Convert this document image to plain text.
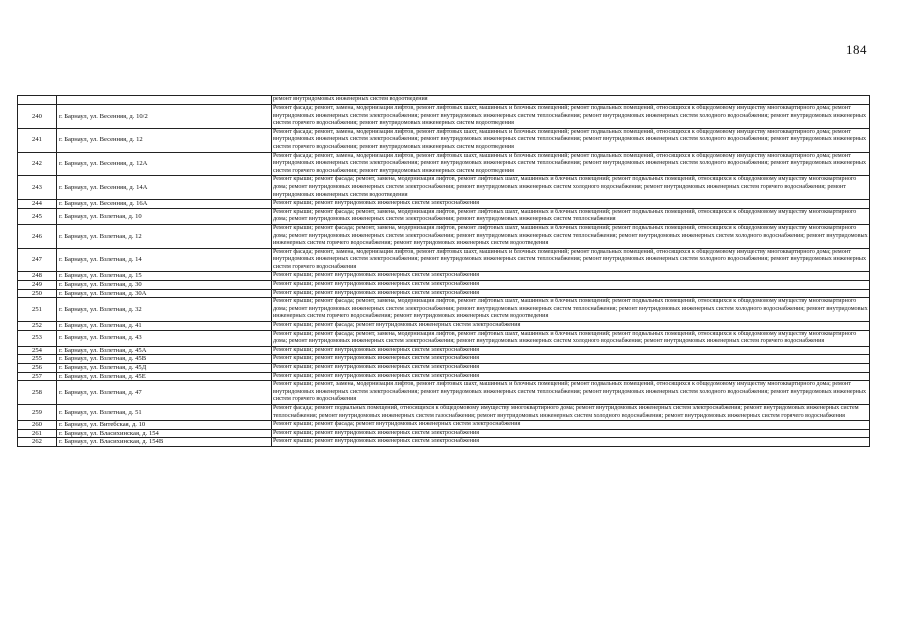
184
		ремонт внутридомовых инженерных систем водоотведения
240	г. Барнаул, ул. Весенняя, д. 10/2	Ремонт фасада; ремонт, замена, модернизация лифтов, ремонт лифтовых шахт, машинных и блочных помещений; ремонт подвальных помещений, относящихся к общедомовому имуществу многоквартирного дома; ремонт внутридомовых инженерных систем электроснабжения; ремонт внутридомовых инженерных систем теплоснабжения; ремонт внутридомовых инженерных систем холодного водоснабжения; ремонт внутридомовых инженерных систем горячего водоснабжения; ремонт внутридомовых инженерных систем водоотведения
241	г. Барнаул, ул. Весенняя, д. 12	Ремонт фасада; ремонт, замена, модернизация лифтов, ремонт лифтовых шахт, машинных и блочных помещений; ремонт подвальных помещений, относящихся к общедомовому имуществу многоквартирного дома; ремонт внутридомовых инженерных систем электроснабжения; ремонт внутридомовых инженерных систем теплоснабжения; ремонт внутридомовых инженерных систем холодного водоснабжения; ремонт внутридомовых инженерных систем горячего водоснабжения; ремонт внутридомовых инженерных систем водоотведения
242	г. Барнаул, ул. Весенняя, д. 12А	Ремонт фасада; ремонт, замена, модернизация лифтов, ремонт лифтовых шахт, машинных и блочных помещений; ремонт подвальных помещений, относящихся к общедомовому имуществу многоквартирного дома; ремонт внутридомовых инженерных систем электроснабжения; ремонт внутридомовых инженерных систем теплоснабжения; ремонт внутридомовых инженерных систем холодного водоснабжения; ремонт внутридомовых инженерных систем горячего водоснабжения; ремонт внутридомовых инженерных систем водоотведения
243	г. Барнаул, ул. Весенняя, д. 14А	Ремонт крыши; ремонт фасада; ремонт, замена, модернизация лифтов, ремонт лифтовых шахт, машинных и блочных помещений; ремонт подвальных помещений, относящихся к общедомовому имуществу многоквартирного дома; ремонт внутридомовых инженерных систем электроснабжения; ремонт внутридомовых инженерных систем холодного водоснабжения; ремонт внутридомовых инженерных систем горячего водоснабжения; ремонт внутридомовых инженерных систем водоотведения
244	г. Барнаул, ул. Весенняя, д. 16А	Ремонт крыши; ремонт внутридомовых инженерных систем электроснабжения
245	г. Барнаул, ул. Взлетная, д. 10	Ремонт крыши; ремонт фасада; ремонт, замена, модернизация лифтов, ремонт лифтовых шахт, машинных и блочных помещений; ремонт подвальных помещений, относящихся к общедомовому имуществу многоквартирного дома; ремонт внутридомовых инженерных систем электроснабжения; ремонт внутридомовых инженерных систем теплоснабжения
246	г. Барнаул, ул. Взлетная, д. 12	Ремонт крыши; ремонт фасада; ремонт, замена, модернизация лифтов, ремонт лифтовых шахт, машинных и блочных помещений; ремонт подвальных помещений, относящихся к общедомовому имуществу многоквартирного дома; ремонт внутридомовых инженерных систем электроснабжения; ремонт внутридомовых инженерных систем теплоснабжения; ремонт внутридомовых инженерных систем холодного водоснабжения; ремонт внутридомовых инженерных систем горячего водоснабжения; ремонт внутридомовых инженерных систем водоотведения
247	г. Барнаул, ул. Взлетная, д. 14	Ремонт фасада; ремонт, замена, модернизация лифтов, ремонт лифтовых шахт, машинных и блочных помещений; ремонт подвальных помещений, относящихся к общедомовому имуществу многоквартирного дома; ремонт внутридомовых инженерных систем электроснабжения; ремонт внутридомовых инженерных систем теплоснабжения; ремонт внутридомовых инженерных систем холодного водоснабжения; ремонт внутридомовых инженерных систем горячего водоснабжения
248	г. Барнаул, ул. Взлетная, д. 15	Ремонт крыши; ремонт внутридомовых инженерных систем электроснабжения
249	г. Барнаул, ул. Взлетная, д. 30	Ремонт крыши; ремонт внутридомовых инженерных систем электроснабжения
250	г. Барнаул, ул. Взлетная, д. 30А	Ремонт крыши; ремонт внутридомовых инженерных систем электроснабжения
251	г. Барнаул, ул. Взлетная, д. 32	Ремонт крыши; ремонт фасада; ремонт, замена, модернизация лифтов, ремонт лифтовых шахт, машинных и блочных помещений; ремонт подвальных помещений, относящихся к общедомовому имуществу многоквартирного дома; ремонт внутридомовых инженерных систем электроснабжения; ремонт внутридомовых инженерных систем теплоснабжения; ремонт внутридомовых инженерных систем холодного водоснабжения; ремонт внутридомовых инженерных систем горячего водоснабжения; ремонт внутридомовых инженерных систем водоотведения
252	г. Барнаул, ул. Взлетная, д. 41	Ремонт крыши; ремонт фасада; ремонт внутридомовых инженерных систем электроснабжения
253	г. Барнаул, ул. Взлетная, д. 43	Ремонт крыши; ремонт фасада; ремонт, замена, модернизация лифтов, ремонт лифтовых шахт, машинных и блочных помещений; ремонт подвальных помещений, относящихся к общедомовому имуществу многоквартирного дома; ремонт внутридомовых инженерных систем электроснабжения; ремонт внутридомовых инженерных систем холодного водоснабжения; ремонт внутридомовых инженерных систем горячего водоснабжения
254	г. Барнаул, ул. Взлетная, д. 45А	Ремонт крыши; ремонт внутридомовых инженерных систем электроснабжения
255	г. Барнаул, ул. Взлетная, д. 45В	Ремонт крыши; ремонт внутридомовых инженерных систем электроснабжения
256	г. Барнаул, ул. Взлетная, д. 45Д	Ремонт крыши; ремонт внутридомовых инженерных систем электроснабжения
257	г. Барнаул, ул. Взлетная, д. 45Е	Ремонт крыши; ремонт внутридомовых инженерных систем электроснабжения
258	г. Барнаул, ул. Взлетная, д. 47	Ремонт крыши; ремонт, замена, модернизация лифтов, ремонт лифтовых шахт, машинных и блочных помещений; ремонт подвальных помещений, относящихся к общедомовому имуществу многоквартирного дома; ремонт внутридомовых инженерных систем электроснабжения; ремонт внутридомовых инженерных систем теплоснабжения; ремонт внутридомовых инженерных систем холодного водоснабжения; ремонт внутридомовых инженерных систем горячего водоснабжения
259	г. Барнаул, ул. Взлетная, д. 51	Ремонт фасада; ремонт подвальных помещений, относящихся к общедомовому имуществу многоквартирного дома; ремонт внутридомовых инженерных систем электроснабжения; ремонт внутридомовых инженерных систем теплоснабжения; ремонт внутридомовых инженерных систем газоснабжения; ремонт внутридомовых инженерных систем холодного водоснабжения; ремонт внутридомовых инженерных систем горячего водоснабжения
260	г. Барнаул, ул. Витебская, д. 10	Ремонт крыши; ремонт фасада; ремонт внутридомовых инженерных систем электроснабжения
261	г. Барнаул, ул. Власихинская, д. 154	Ремонт крыши; ремонт внутридомовых инженерных систем электроснабжения
262	г. Барнаул, ул. Власихинская, д. 154В	Ремонт крыши; ремонт внутридомовых инженерных систем электроснабжения
